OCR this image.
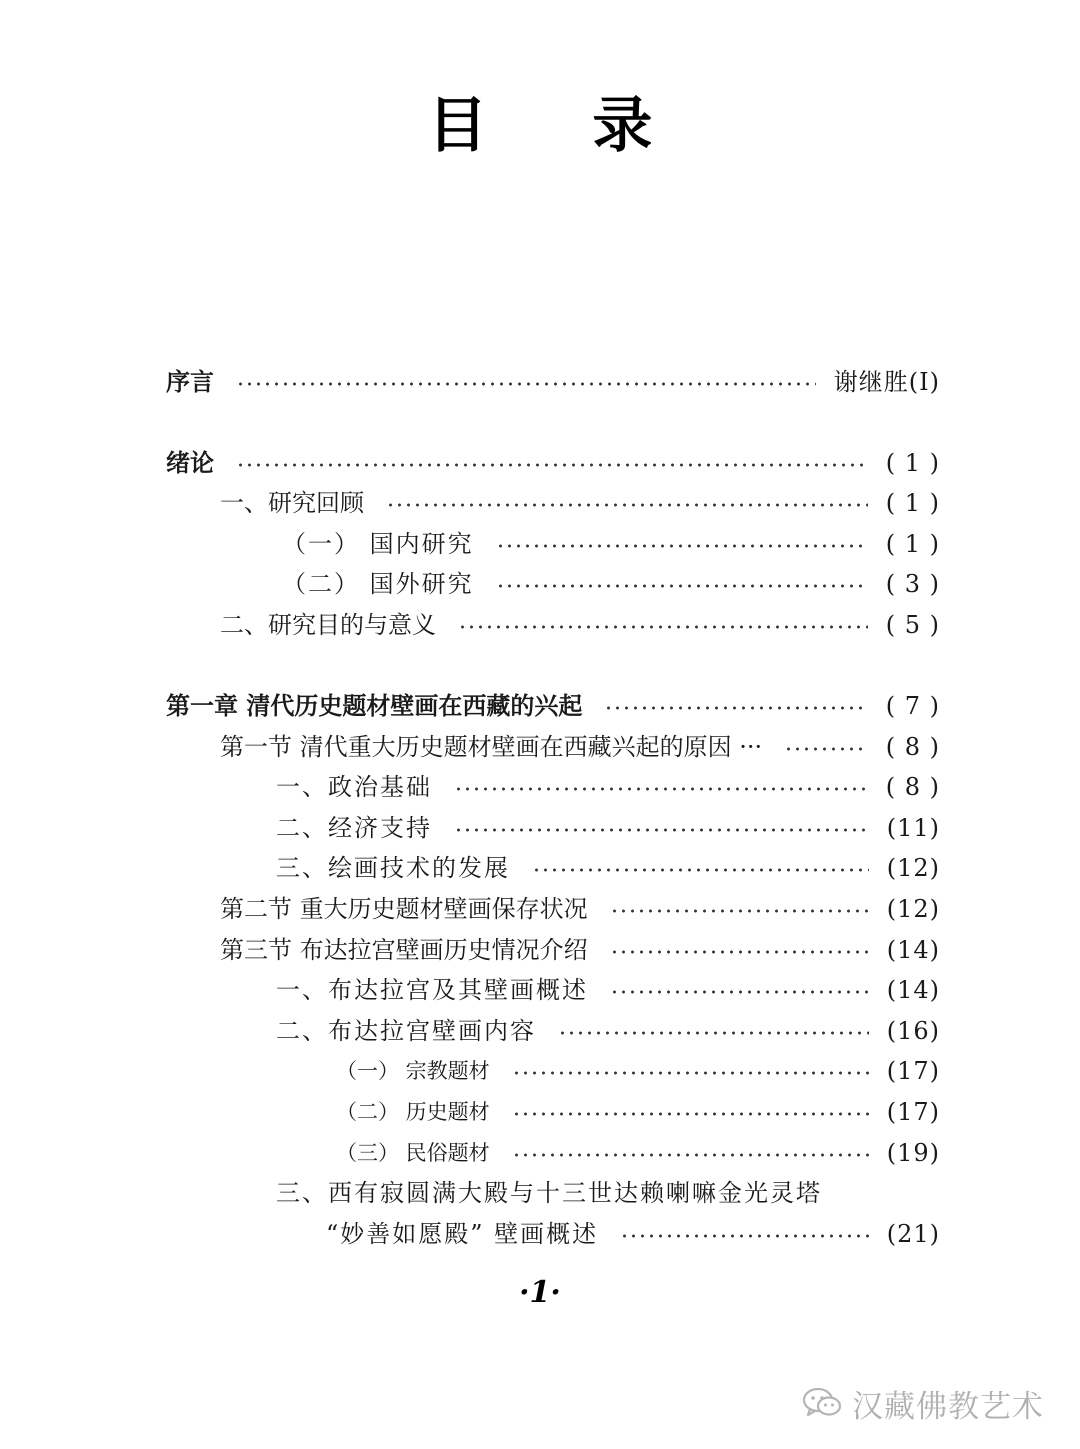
目 录
序言	谢继胜(Ⅰ)
绪论	( 1 )
一、研究回顾	( 1 )
（一） 国内研究	( 1 )
（二） 国外研究	( 3 )
二、研究目的与意义	( 5 )
第一章 清代历史题材壁画在西藏的兴起	( 7 )
第一节 清代重大历史题材壁画在西藏兴起的原因 ···	( 8 )
一、政治基础	( 8 )
二、经济支持	(11)
三、绘画技术的发展	(12)
第二节 重大历史题材壁画保存状况	(12)
第三节 布达拉宫壁画历史情况介绍	(14)
一、布达拉宫及其壁画概述	(14)
二、布达拉宫壁画内容	(16)
（一） 宗教题材	(17)
（二） 历史题材	(17)
（三） 民俗题材	(19)
三、西有寂圆满大殿与十三世达赖喇嘛金光灵塔
“妙善如愿殿” 壁画概述	(21)
·1·
汉藏佛教艺术
